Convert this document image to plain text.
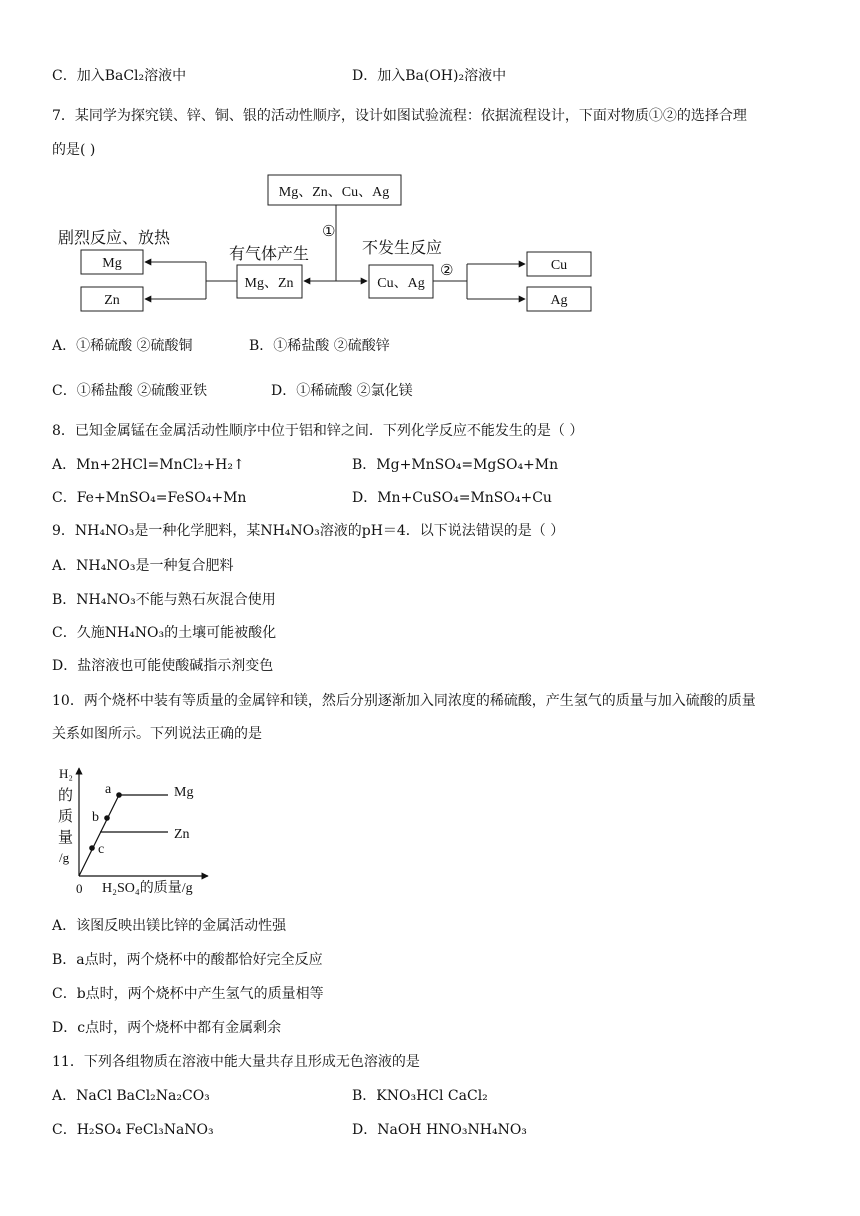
C．加入BaCl₂溶液中	D．加入Ba(OH)₂溶液中
7．某同学为探究镁、锌、铜、银的活动性顺序，设计如图试验流程：依据流程设计，下面对物质①②的选择合理
的是( )
Mg、Zn、Cu、Ag
Mg、Zn	Cu、Ag
Mg
Zn
Cu
Ag
①
②
剧烈反应、放热
有气体产生	不发生反应
A．①稀硫酸 ②硫酸铜	B．①稀盐酸 ②硫酸锌
C．①稀盐酸 ②硫酸亚铁	D．①稀硫酸 ②氯化镁
8．已知金属锰在金属活动性顺序中位于铝和锌之间．下列化学反应不能发生的是（ ）
A．Mn+2HCl=MnCl₂+H₂↑	B．Mg+MnSO₄=MgSO₄+Mn
C．Fe+MnSO₄=FeSO₄+Mn	D．Mn+CuSO₄=MnSO₄+Cu
9．NH₄NO₃是一种化学肥料，某NH₄NO₃溶液的pH＝4．以下说法错误的是（ ）
A．NH₄NO₃是一种复合肥料
B．NH₄NO₃不能与熟石灰混合使用
C．久施NH₄NO₃的土壤可能被酸化
D．盐溶液也可能使酸碱指示剂变色
10．两个烧杯中装有等质量的金属锌和镁，然后分别逐渐加入同浓度的稀硫酸，产生氢气的质量与加入硫酸的质量
关系如图所示。下列说法正确的是
a
b
c
Mg
Zn
H₂
的
质
量
/g
0 H₂SO₄的质量/g
A．该图反映出镁比锌的金属活动性强
B．a点时，两个烧杯中的酸都恰好完全反应
C．b点时，两个烧杯中产生氢气的质量相等
D．c点时，两个烧杯中都有金属剩余
11．下列各组物质在溶液中能大量共存且形成无色溶液的是
A．NaCl BaCl₂Na₂CO₃	B．KNO₃HCl CaCl₂
C．H₂SO₄ FeCl₃NaNO₃	D．NaOH HNO₃NH₄NO₃
